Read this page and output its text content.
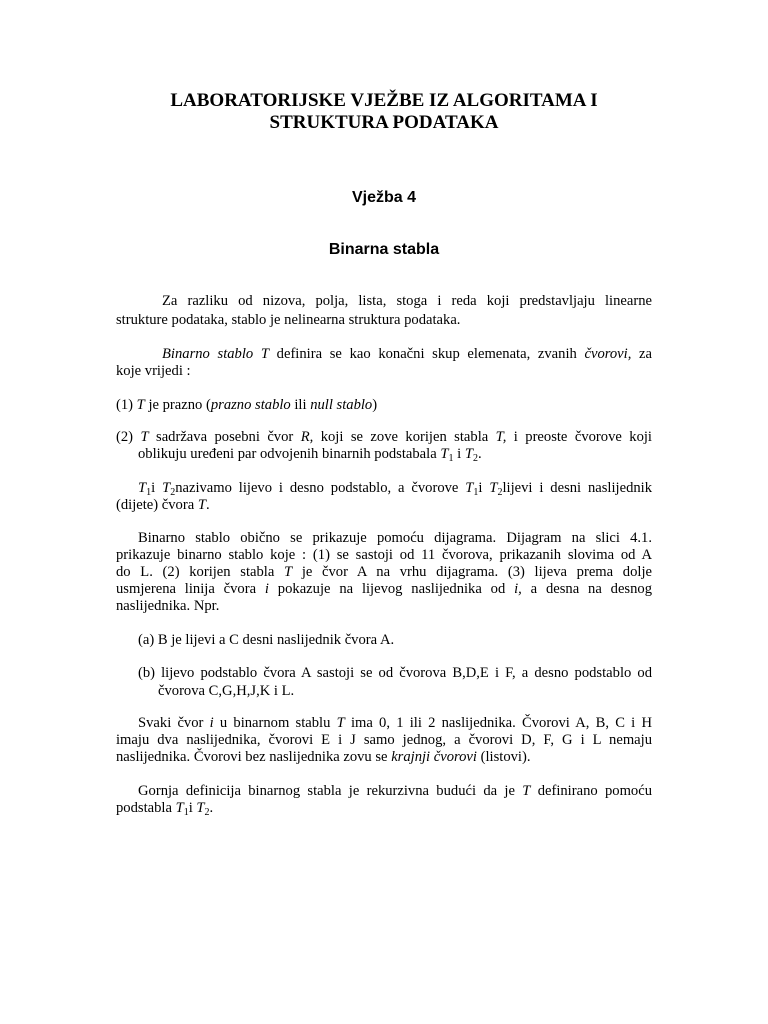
LABORATORIJSKE VJEŽBE IZ ALGORITAMA I
STRUKTURA PODATAKA
Vježba 4
Binarna stabla
Za razliku od nizova, polja, lista, stoga i reda koji predstavljaju linearne
strukture podataka, stablo je nelinearna struktura podataka.
Binarno stablo T definira se kao konačni skup elemenata, zvanih čvorovi, za
koje vrijedi :
(1) T je prazno (prazno stablo ili null stablo)
(2) T sadržava posebni čvor R, koji se zove korijen stabla T, i preoste čvorove koji
oblikuju uređeni par odvojenih binarnih podstabala $T_1$ i $T_2$.
$T_1i$ $T_2nazivamo$ lijevo i desno podstablo, a čvorove $T_1i$ $T_2lijevi$ i desni naslijednik
(dijete) čvora T.
Binarno stablo obično se prikazuje pomoću dijagrama. Dijagram na slici 4.1.
prikazuje binarno stablo koje : (1) se sastoji od 11 čvorova, prikazanih slovima od A
do L. (2) korijen stabla T je čvor A na vrhu dijagrama. (3) lijeva prema dolje
usmjerena linija čvora i pokazuje na lijevog naslijednika od i, a desna na desnog
naslijednika. Npr.
(a) B je lijevi a C desni naslijednik čvora A.
(b) lijevo podstablo čvora A sastoji se od čvorova B,D,E i F, a desno podstablo od
čvorova C,G,H,J,K i L.
Svaki čvor i u binarnom stablu T ima 0, 1 ili 2 naslijednika. Čvorovi A, B, C i H
imaju dva naslijednika, čvorovi E i J samo jednog, a čvorovi D, F, G i L nemaju
naslijednika. Čvorovi bez naslijednika zovu se krajnji čvorovi (listovi).
Gornja definicija binarnog stabla je rekurzivna budući da je T definirano pomoću
podstabla $T_1i$ $T_2$.
